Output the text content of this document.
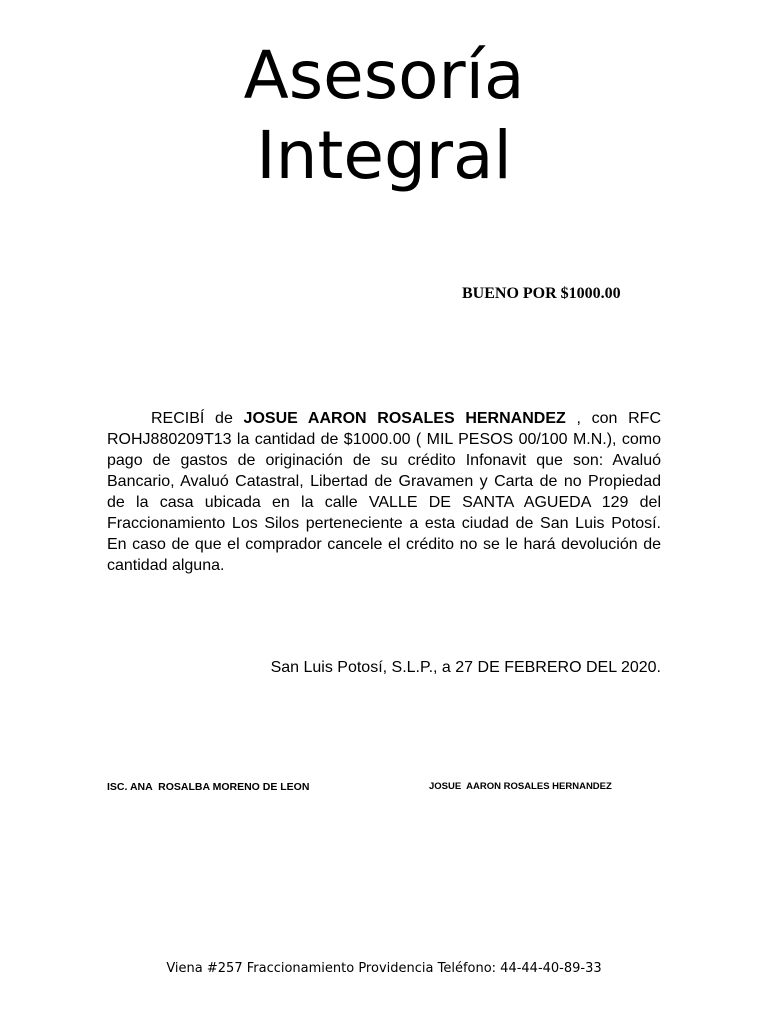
Asesoría
Integral
BUENO POR $1000.00

RECIBÍ de JOSUE AARON ROSALES HERNANDEZ , con RFC ROHJ880209T13 la cantidad de $1000.00 ( MIL PESOS 00/100 M.N.), como pago de gastos de originación de su crédito Infonavit que son: Avaluó Bancario, Avaluó Catastral, Libertad de Gravamen y Carta de no Propiedad de la casa ubicada en la calle VALLE DE SANTA AGUEDA 129 del Fraccionamiento Los Silos perteneciente a esta ciudad de San Luis Potosí. En caso de que el comprador cancele el crédito no se le hará devolución de cantidad alguna.

San Luis Potosí, S.L.P., a 27 DE FEBRERO DEL 2020.
ISC. ANA  ROSALBA MORENO DE LEON	JOSUE  AARON ROSALES HERNANDEZ
Viena #257 Fraccionamiento Providencia Teléfono: 44-44-40-89-33
